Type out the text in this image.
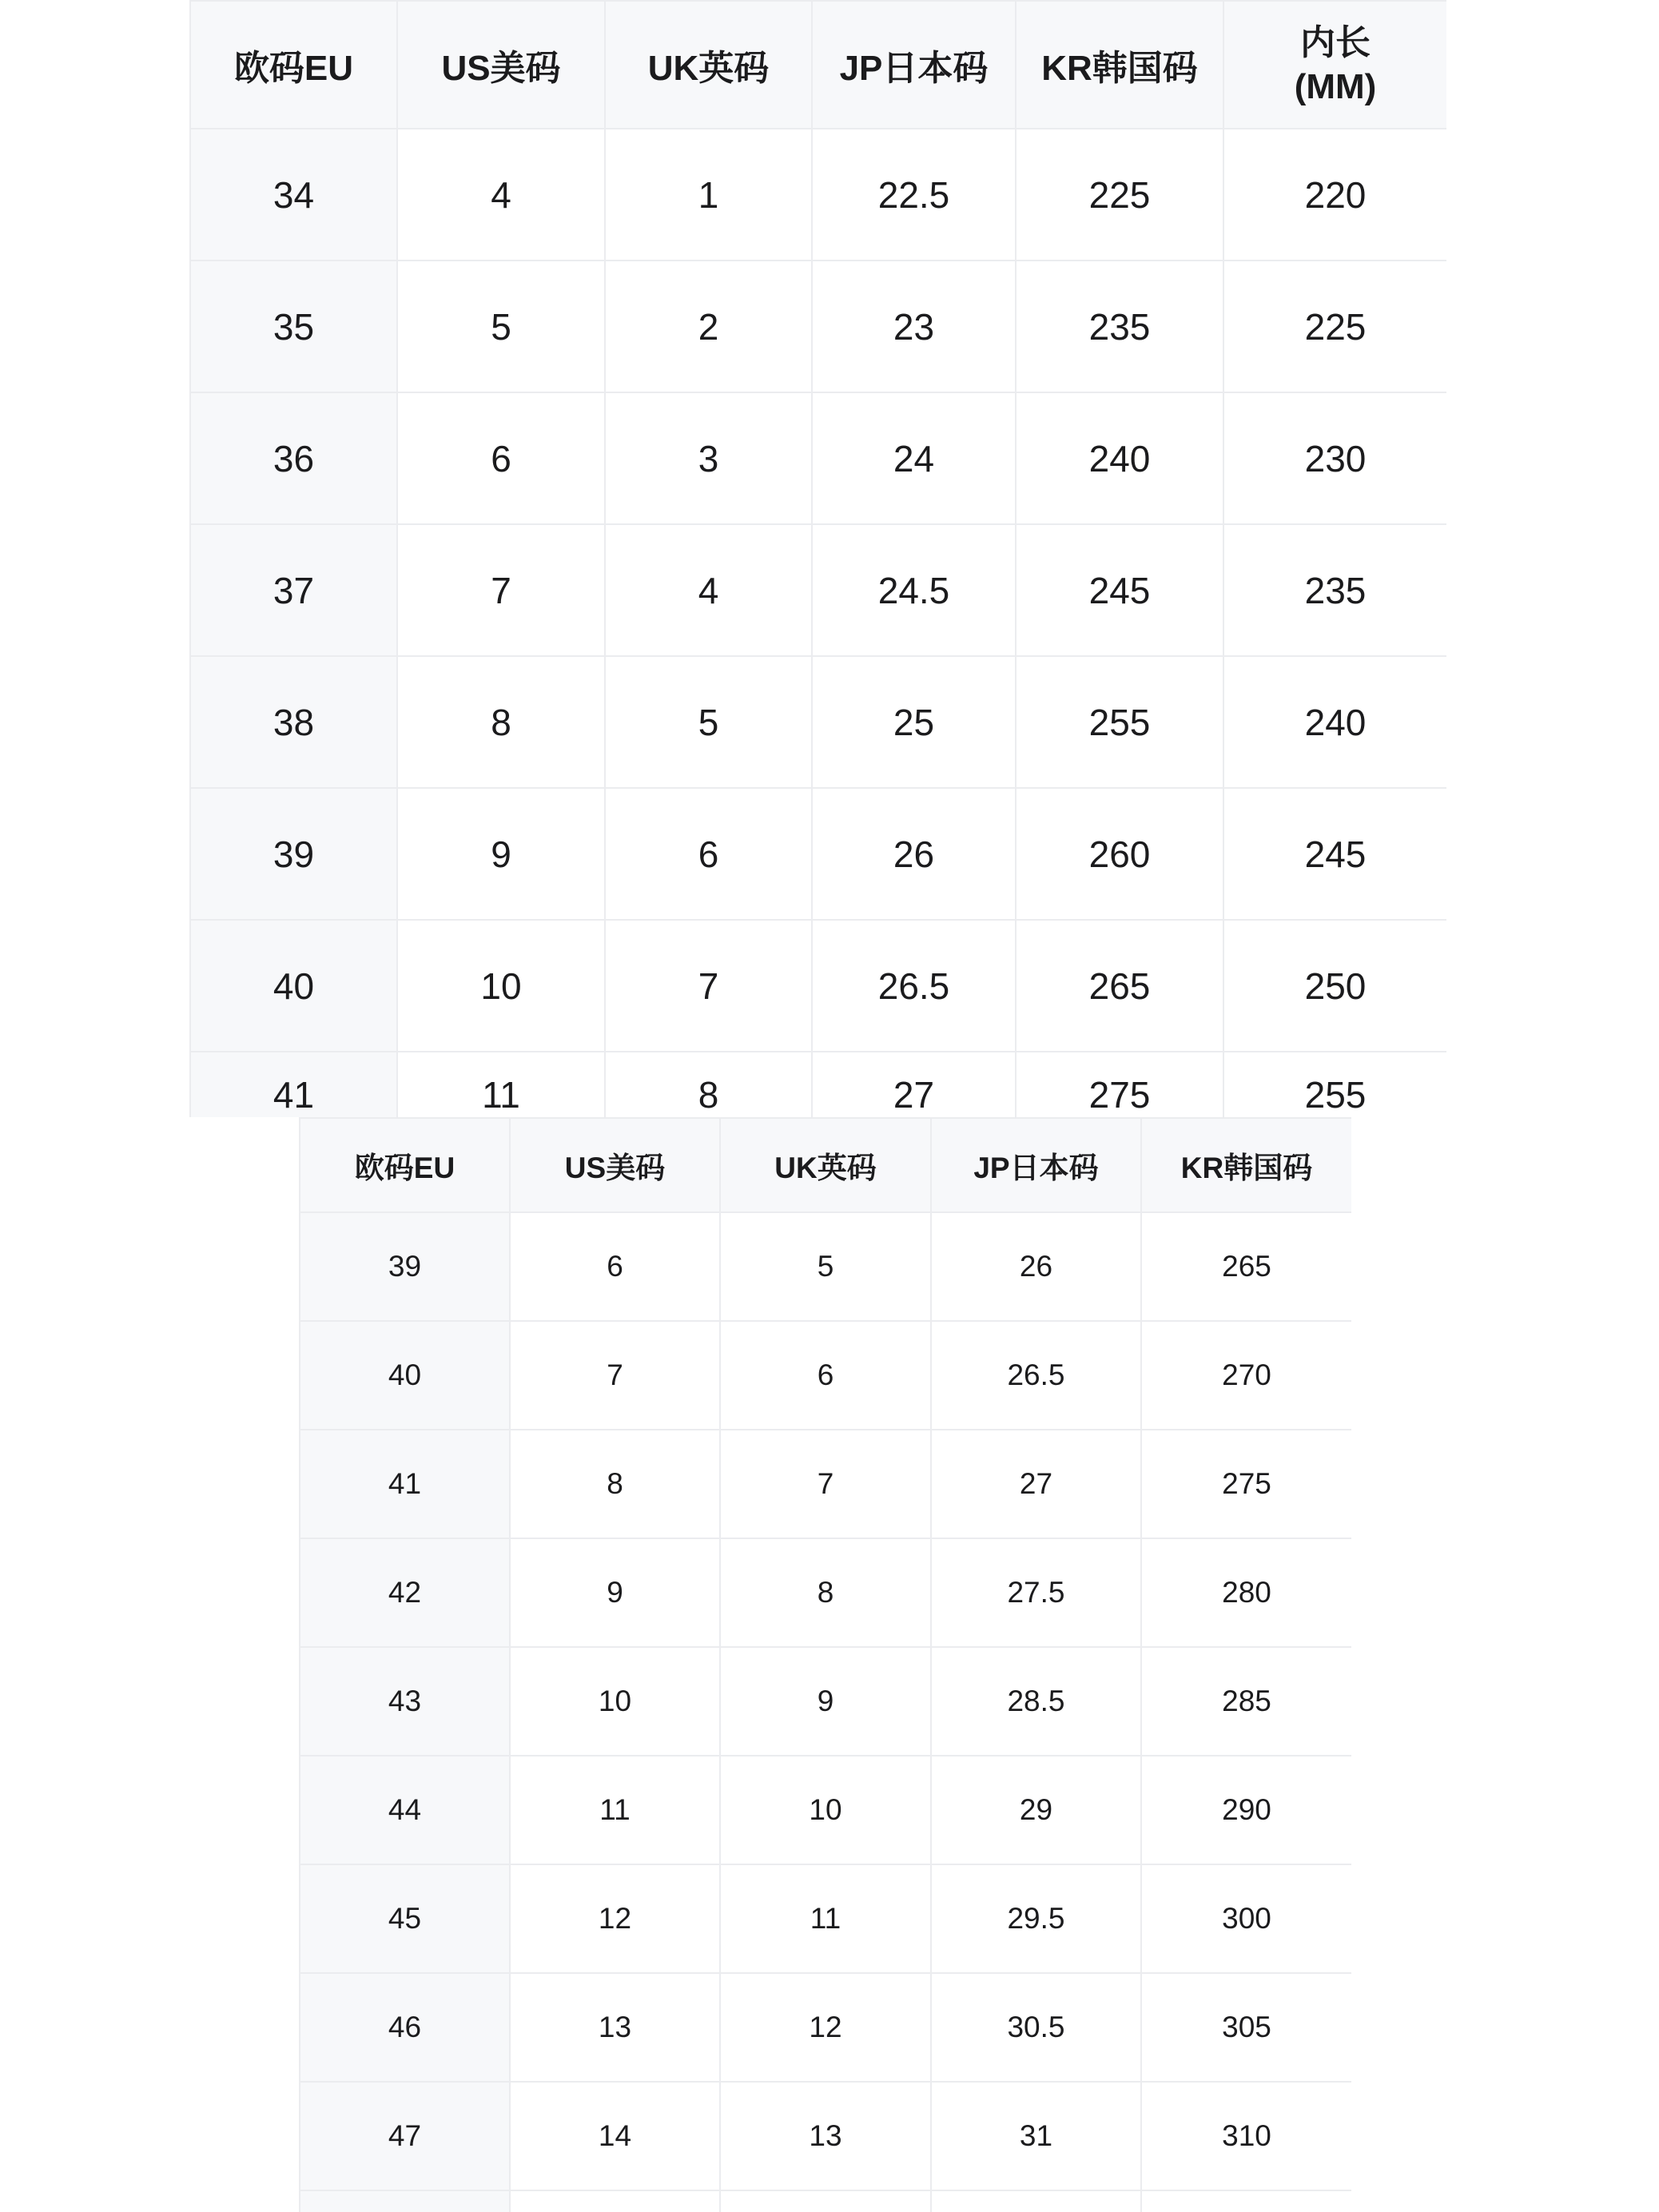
欧码EU	US美码	UK英码	JP日本码	KR韩国码	内长
(MM)

34	4	1	22.5	225	220
35	5	2	23	235	225
36	6	3	24	240	230
37	7	4	24.5	245	235
38	8	5	25	255	240
39	9	6	26	260	245
40	10	7	26.5	265	250
41	11	8	27	275	255
欧码EU	US美码	UK英码	JP日本码	KR韩国码
39	6	5	26	265
40	7	6	26.5	270
41	8	7	27	275
42	9	8	27.5	280
43	10	9	28.5	285
44	11	10	29	290
45	12	11	29.5	300
46	13	12	30.5	305
47	14	13	31	310
